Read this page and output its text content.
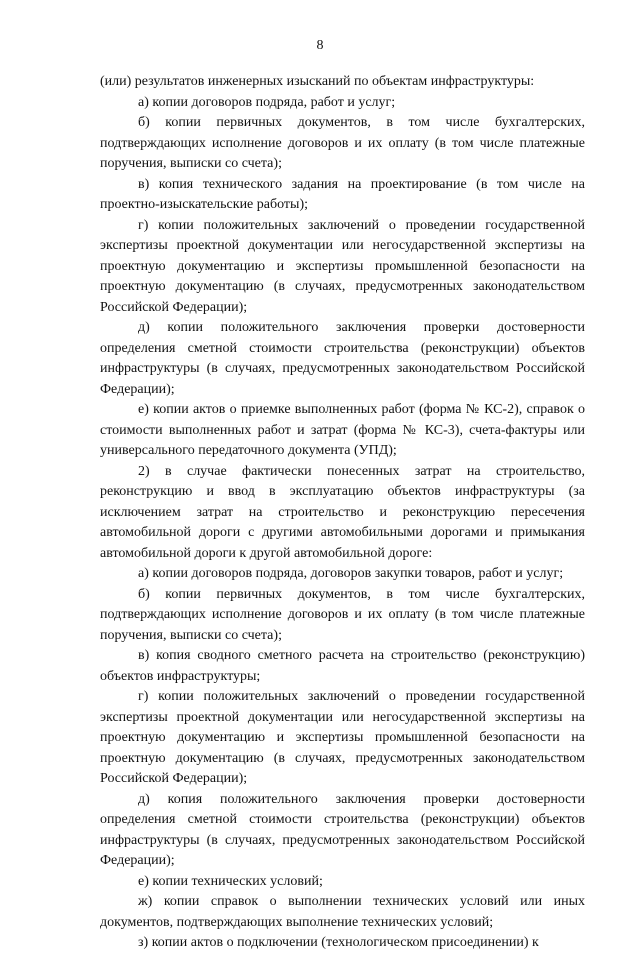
8

(или) результатов инженерных изысканий по объектам инфраструктуры:

а) копии договоров подряда, работ и услуг;

б) копии первичных документов, в том числе бухгалтерских, подтверждающих исполнение договоров и их оплату (в том числе платежные поручения, выписки со счета);

в) копия технического задания на проектирование (в том числе на проектно-изыскательские работы);

г) копии положительных заключений о проведении государственной экспертизы проектной документации или негосударственной экспертизы на проектную документацию и экспертизы промышленной безопасности на проектную документацию (в случаях, предусмотренных законодательством Российской Федерации);

д) копии положительного заключения проверки достоверности определения сметной стоимости строительства (реконструкции) объектов инфраструктуры (в случаях, предусмотренных законодательством Российской Федерации);

е) копии актов о приемке выполненных работ (форма № КС-2), справок о стоимости выполненных работ и затрат (форма № КС-3), счета-фактуры или универсального передаточного документа (УПД);

2) в случае фактически понесенных затрат на строительство, реконструкцию и ввод в эксплуатацию объектов инфраструктуры (за исключением затрат на строительство и реконструкцию пересечения автомобильной дороги с другими автомобильными дорогами и примыкания автомобильной дороги к другой автомобильной дороге:

а) копии договоров подряда, договоров закупки товаров, работ и услуг;

б) копии первичных документов, в том числе бухгалтерских, подтверждающих исполнение договоров и их оплату (в том числе платежные поручения, выписки со счета);

в) копия сводного сметного расчета на строительство (реконструкцию) объектов инфраструктуры;

г) копии положительных заключений о проведении государственной экспертизы проектной документации или негосударственной экспертизы на проектную документацию и экспертизы промышленной безопасности на проектную документацию (в случаях, предусмотренных законодательством Российской Федерации);

д) копия положительного заключения проверки достоверности определения сметной стоимости строительства (реконструкции) объектов инфраструктуры (в случаях, предусмотренных законодательством Российской Федерации);

е) копии технических условий;

ж) копии справок о выполнении технических условий или иных документов, подтверждающих выполнение технических условий;

з) копии актов о подключении (технологическом присоединении) к
